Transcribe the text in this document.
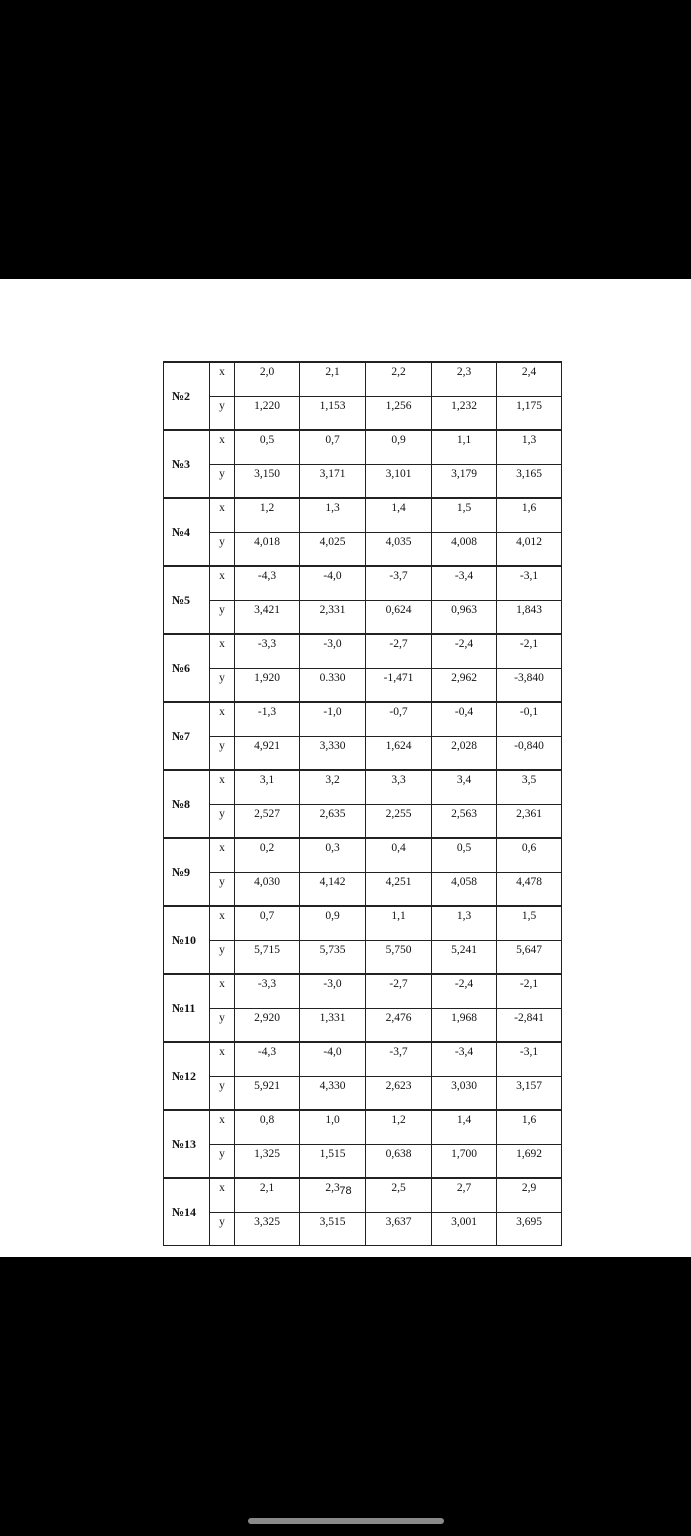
№2	x	2,0	2,1	2,2	2,3	2,4
	y	1,220	1,153	1,256	1,232	1,175
№3	x	0,5	0,7	0,9	1,1	1,3
	y	3,150	3,171	3,101	3,179	3,165
№4	x	1,2	1,3	1,4	1,5	1,6
	y	4,018	4,025	4,035	4,008	4,012
№5	x	-4,3	-4,0	-3,7	-3,4	-3,1
	y	3,421	2,331	0,624	0,963	1,843
№6	x	-3,3	-3,0	-2,7	-2,4	-2,1
	y	1,920	0.330	-1,471	2,962	-3,840
№7	x	-1,3	-1,0	-0,7	-0,4	-0,1
	y	4,921	3,330	1,624	2,028	-0,840
№8	x	3,1	3,2	3,3	3,4	3,5
	y	2,527	2,635	2,255	2,563	2,361
№9	x	0,2	0,3	0,4	0,5	0,6
	y	4,030	4,142	4,251	4,058	4,478
№10	x	0,7	0,9	1,1	1,3	1,5
	y	5,715	5,735	5,750	5,241	5,647
№11	x	-3,3	-3,0	-2,7	-2,4	-2,1
	y	2,920	1,331	2,476	1,968	-2,841
№12	x	-4,3	-4,0	-3,7	-3,4	-3,1
	y	5,921	4,330	2,623	3,030	3,157
№13	x	0,8	1,0	1,2	1,4	1,6
	y	1,325	1,515	0,638	1,700	1,692
№14	x	2,1	2,3	2,5	2,7	2,9
	y	3,325	3,515	3,637	3,001	3,695
78
